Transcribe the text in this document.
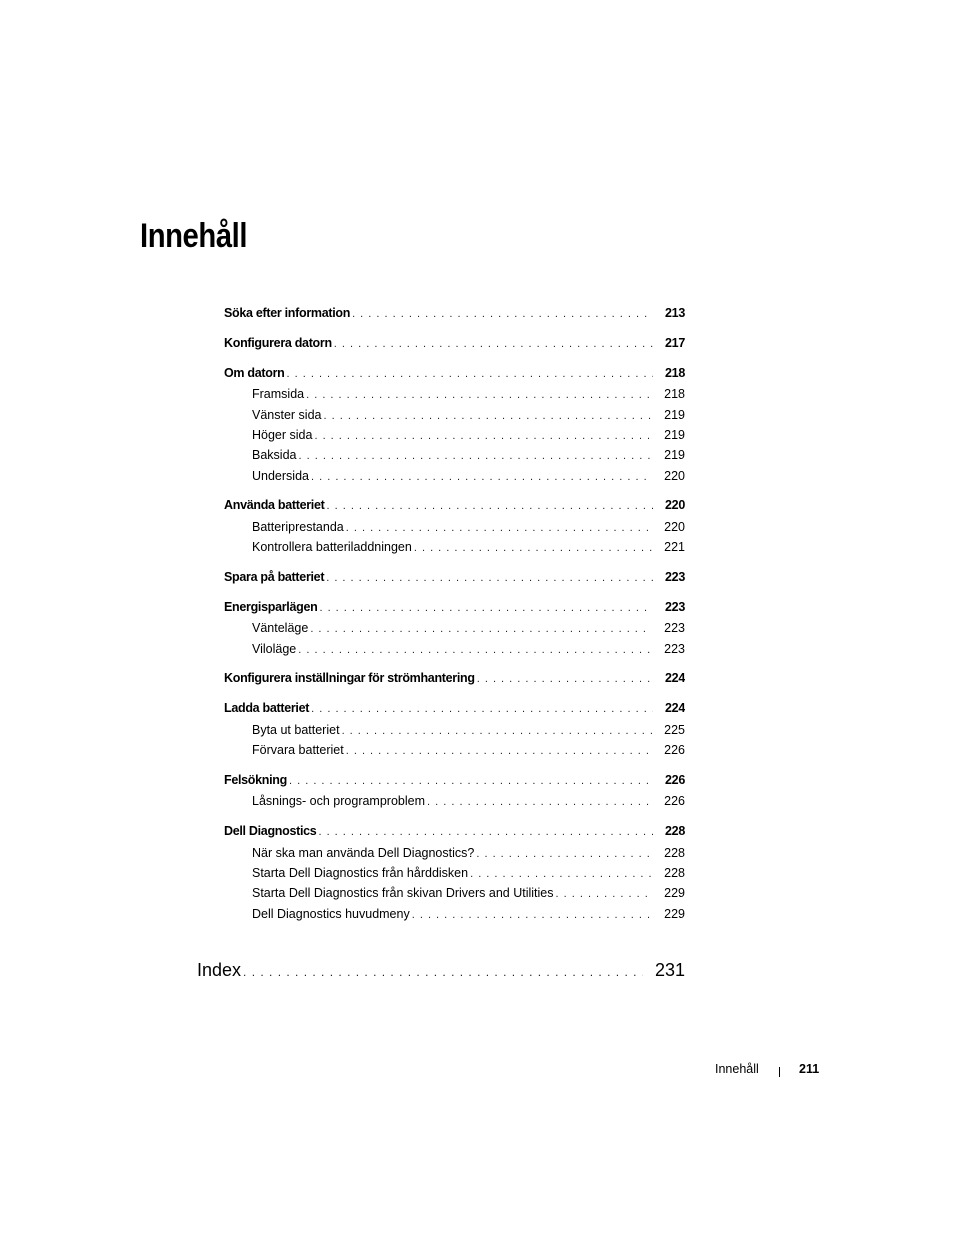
Innehåll
Söka efter information . . .	213
Konfigurera datorn . . .	217
Om datorn . . .	218
Framsida . . .	218
Vänster sida . . .	219
Höger sida . . .	219
Baksida . . .	219
Undersida . . .	220
Använda batteriet . . .	220
Batteriprestanda . . .	220
Kontrollera batteriladdningen . . .	221
Spara på batteriet . . .	223
Energisparlägen . . .	223
Vänteläge . . .	223
Viloläge . . .	223
Konfigurera inställningar för strömhantering . . .	224
Ladda batteriet . . .	224
Byta ut batteriet . . .	225
Förvara batteriet . . .	226
Felsökning . . .	226
Låsnings- och programproblem . . .	226
Dell Diagnostics . . .	228
När ska man använda Dell Diagnostics? . . .	228
Starta Dell Diagnostics från hårddisken . . .	228
Starta Dell Diagnostics från skivan Drivers and Utilities . . .	229
Dell Diagnostics huvudmeny . . .	229
Index . . .	231
Innehåll	211
